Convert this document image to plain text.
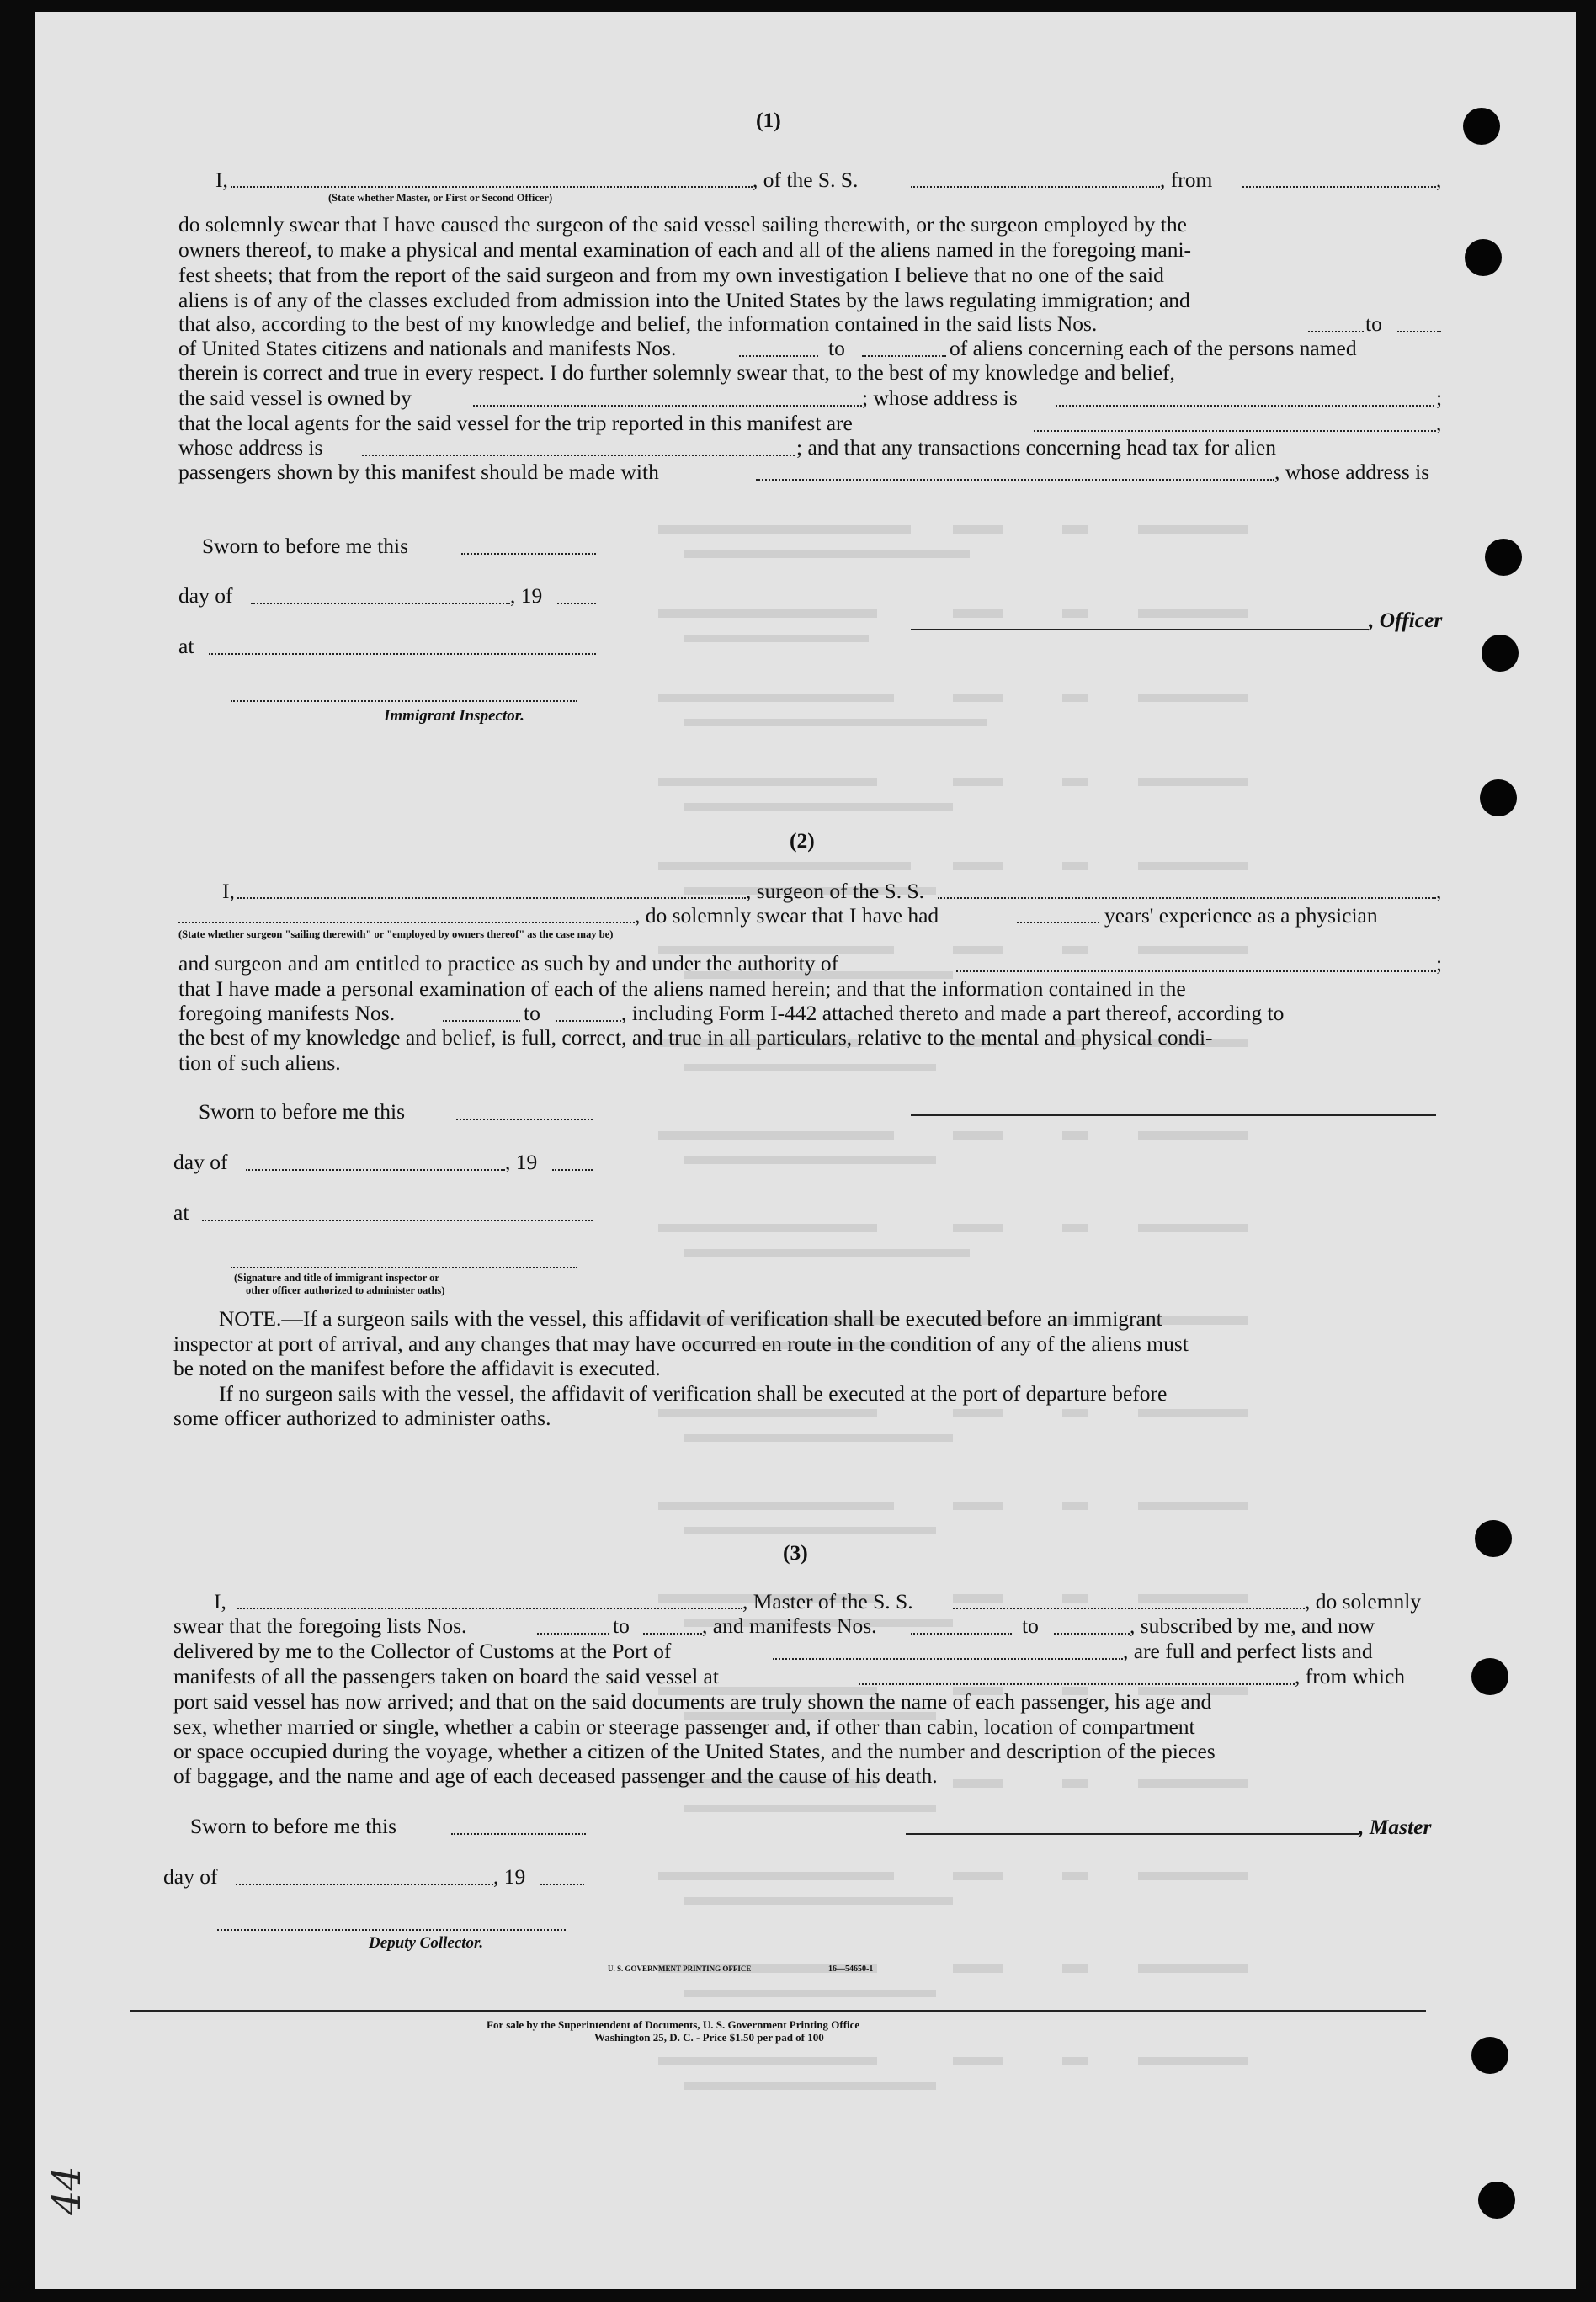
(1)
I,	, of the S. S.	, from	,
(State whether Master, or First or Second Officer)
do solemnly swear that I have caused the surgeon of the said vessel sailing therewith, or the surgeon employed by the
owners thereof, to make a physical and mental examination of each and all of the aliens named in the foregoing mani-
fest sheets; that from the report of the said surgeon and from my own investigation I believe that no one of the said
aliens is of any of the classes excluded from admission into the United States by the laws regulating immigration; and
that also, according to the best of my knowledge and belief, the information contained in the said lists Nos.	to
of United States citizens and nationals and manifests Nos.	to	of aliens concerning each of the persons named
therein is correct and true in every respect. I do further solemnly swear that, to the best of my knowledge and belief,
the said vessel is owned by	; whose address is	;
that the local agents for the said vessel for the trip reported in this manifest are	,
whose address is	; and that any transactions concerning head tax for alien
passengers shown by this manifest should be made with	, whose address is
Sworn to before me this
day of	, 19
at
, Officer
Immigrant Inspector.
(2)
I,	, surgeon of the S. S.	,
, do solemnly swear that I have had	years' experience as a physician
(State whether surgeon "sailing therewith" or "employed by owners thereof" as the case may be)
and surgeon and am entitled to practice as such by and under the authority of	;
that I have made a personal examination of each of the aliens named herein; and that the information contained in the
foregoing manifests Nos.	to	, including Form I-442 attached thereto and made a part thereof, according to
the best of my knowledge and belief, is full, correct, and true in all particulars, relative to the mental and physical condi-
tion of such aliens.
Sworn to before me this
day of	, 19
at
(Signature and title of immigrant inspector or
other officer authorized to administer oaths)
NOTE.—If a surgeon sails with the vessel, this affidavit of verification shall be executed before an immigrant
inspector at port of arrival, and any changes that may have occurred en route in the condition of any of the aliens must
be noted on the manifest before the affidavit is executed.
If no surgeon sails with the vessel, the affidavit of verification shall be executed at the port of departure before
some officer authorized to administer oaths.
(3)
I,	, Master of the S. S.	, do solemnly
swear that the foregoing lists Nos.	to	, and manifests Nos.	to	, subscribed by me, and now
delivered by me to the Collector of Customs at the Port of	, are full and perfect lists and
manifests of all the passengers taken on board the said vessel at	, from which
port said vessel has now arrived; and that on the said documents are truly shown the name of each passenger, his age and
sex, whether married or single, whether a cabin or steerage passenger and, if other than cabin, location of compartment
or space occupied during the voyage, whether a citizen of the United States, and the number and description of the pieces
of baggage, and the name and age of each deceased passenger and the cause of his death.
Sworn to before me this	, Master
day of	, 19
Deputy Collector.
U. S. GOVERNMENT PRINTING OFFICE	16—54650-1
For sale by the Superintendent of Documents, U. S. Government Printing Office
Washington 25, D. C. - Price $1.50 per pad of 100
44
